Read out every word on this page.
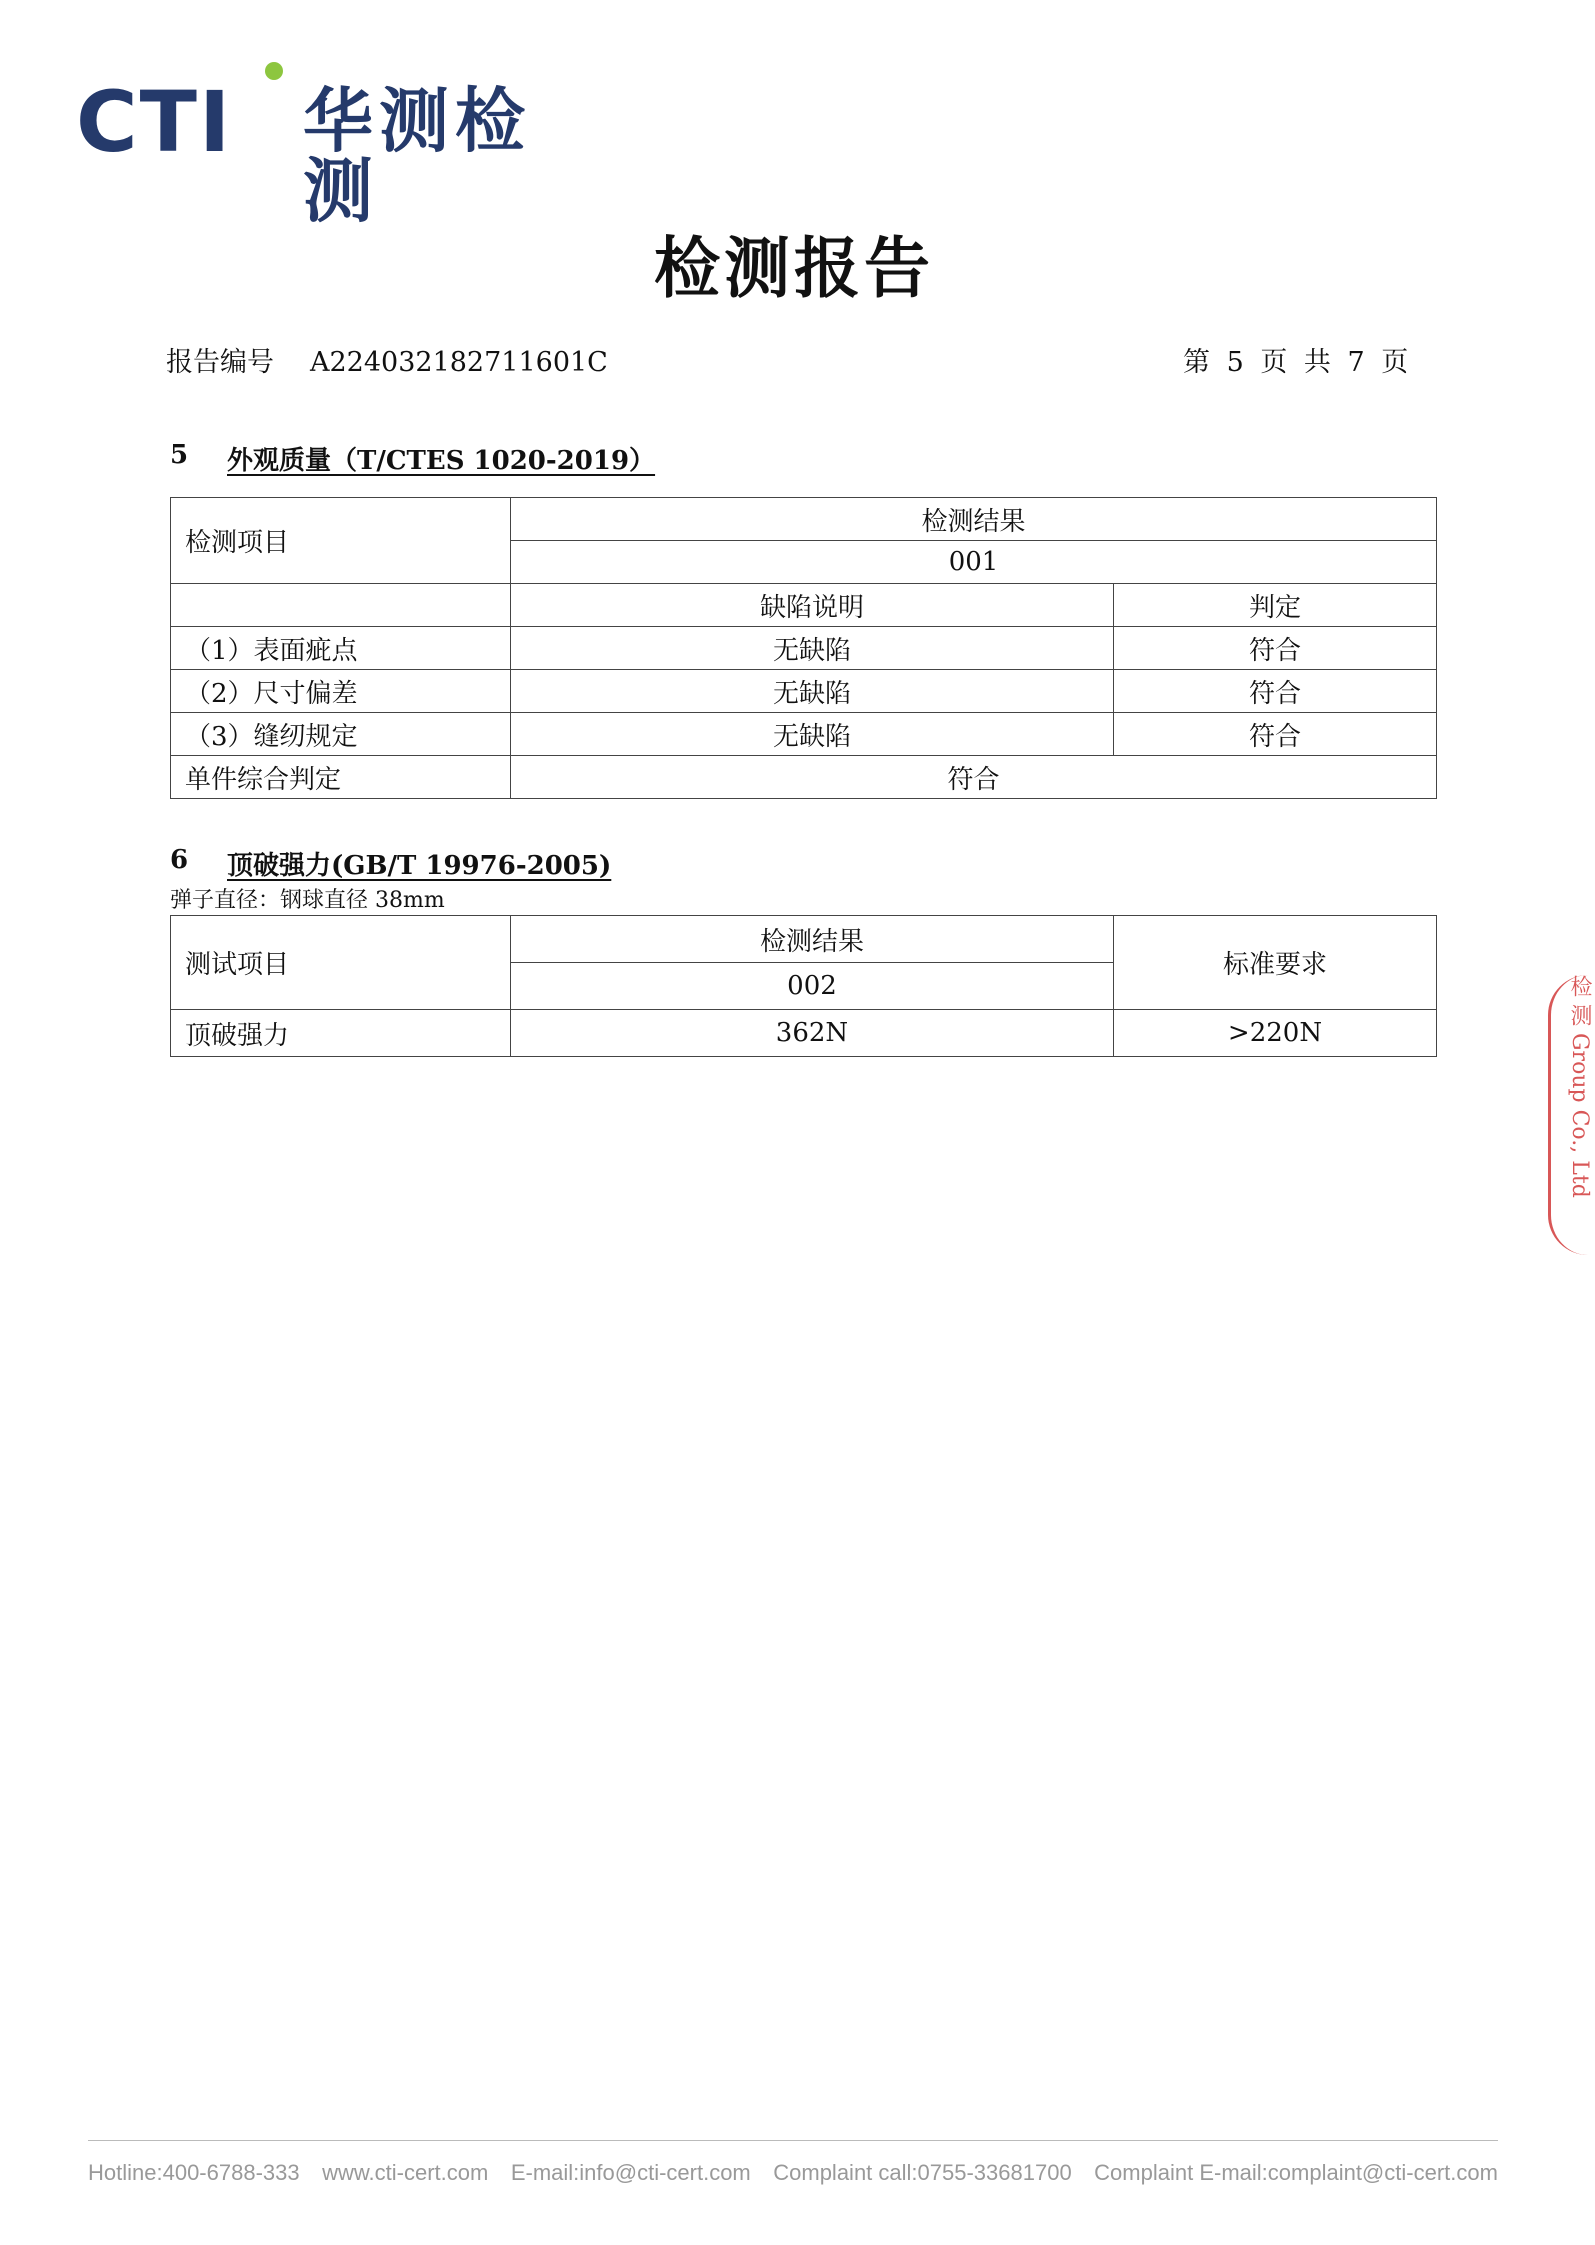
CTI 华测检测
检测报告
报告编号 A224032182711601C	第 5 页 共 7 页
5 外观质量（T/CTES 1020-2019）
检测项目	检测结果	
	001	
	缺陷说明	判定
（1）表面疵点	无缺陷	符合
（2）尺寸偏差	无缺陷	符合
（3）缝纫规定	无缺陷	符合
单件综合判定	符合	
6 顶破强力(GB/T 19976-2005)
弹子直径：钢球直径 38mm
测试项目	检测结果	标准要求
	002	
顶破强力	362N	>220N	检 测 Group Co., Ltd
Hotline:400-6788-333 www.cti-cert.com E-mail:info@cti-cert.com Complaint call:0755-33681700 Complaint E-mail:complaint@cti-cert.com
